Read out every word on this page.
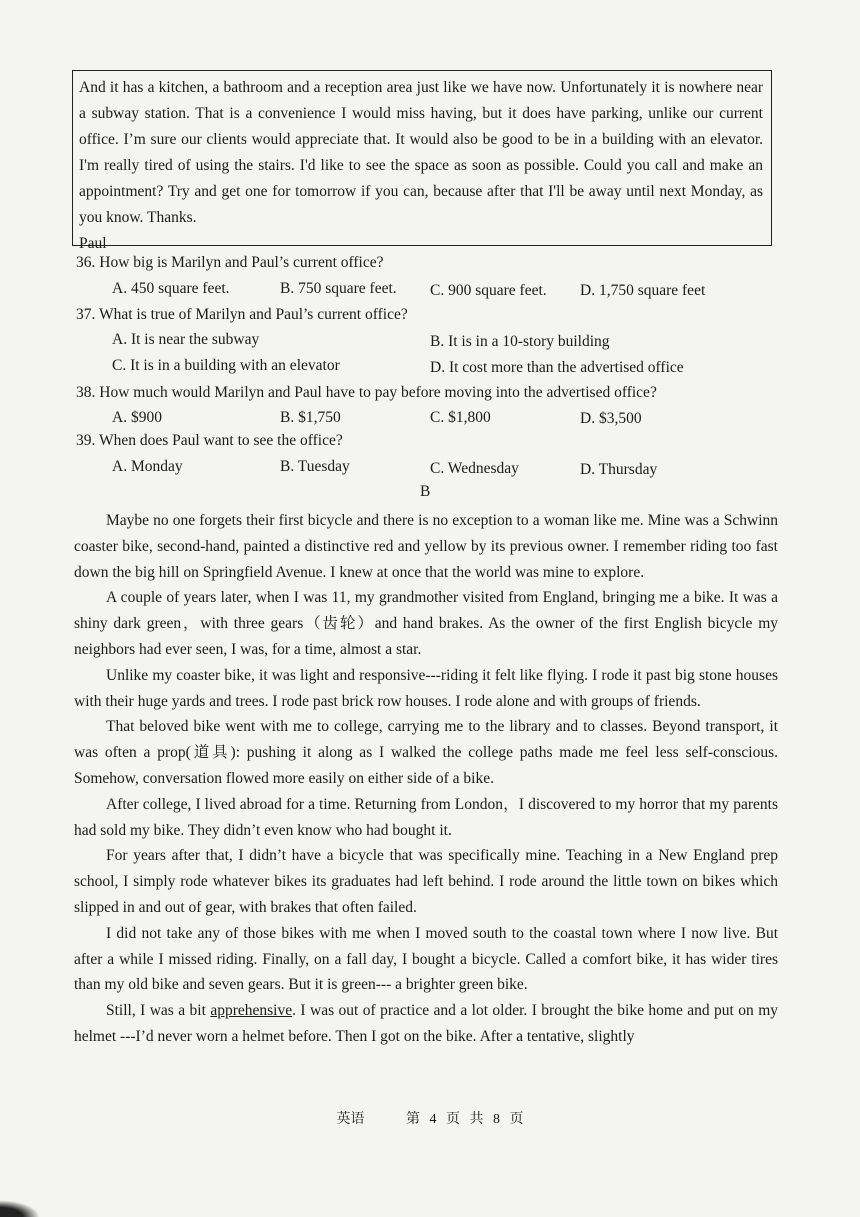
And it has a kitchen, a bathroom and a reception area just like we have now. Unfortunately it is nowhere near a subway station. That is a convenience I would miss having, but it does have parking, unlike our current office. I’m sure our clients would appreciate that. It would also be good to be in a building with an elevator. I'm really tired of using the stairs. I'd like to see the space as soon as possible. Could you call and make an appointment? Try and get one for tomorrow if you can, because after that I'll be away until next Monday, as you know. Thanks.

Paul

36. How big is Marilyn and Paul’s current office?
A. 450 square feet.	B. 750 square feet. C. 900 square feet. D. 1,750 square feet
37. What is true of Marilyn and Paul’s current office?
A. It is near the subway	B. It is in a 10-story building
C. It is in a building with an elevator	D. It cost more than the advertised office
38. How much would Marilyn and Paul have to pay before moving into the advertised office?
A. $900	B. $1,750	C. $1,800	D. $3,500
39. When does Paul want to see the office?
A. Monday	B. Tuesday	C. Wednesday	D. Thursday
B

Maybe no one forgets their first bicycle and there is no exception to a woman like me. Mine was a Schwinn coaster bike, second-hand, painted a distinctive red and yellow by its previous owner. I remember riding too fast down the big hill on Springfield Avenue. I knew at once that the world was mine to explore.

A couple of years later, when I was 11, my grandmother visited from England, bringing me a bike. It was a shiny dark green，with three gears（齿轮）and hand brakes. As the owner of the first English bicycle my neighbors had ever seen, I was, for a time, almost a star.

Unlike my coaster bike, it was light and responsive---riding it felt like flying. I rode it past big stone houses with their huge yards and trees. I rode past brick row houses. I rode alone and with groups of friends.

That beloved bike went with me to college, carrying me to the library and to classes. Beyond transport, it was often a prop(道具): pushing it along as I walked the college paths made me feel less self-conscious. Somehow, conversation flowed more easily on either side of a bike.

After college, I lived abroad for a time. Returning from London，I discovered to my horror that my parents had sold my bike. They didn’t even know who had bought it.

For years after that, I didn’t have a bicycle that was specifically mine. Teaching in a New England prep school, I simply rode whatever bikes its graduates had left behind. I rode around the little town on bikes which slipped in and out of gear, with brakes that often failed.

I did not take any of those bikes with me when I moved south to the coastal town where I now live. But after a while I missed riding. Finally, on a fall day, I bought a bicycle. Called a comfort bike, it has wider tires than my old bike and seven gears. But it is green--- a brighter green bike.

Still, I was a bit apprehensive. I was out of practice and a lot older. I brought the bike home and put on my helmet ---I’d never worn a helmet before. Then I got on the bike. After a tentative, slightly

英语	第 4 页 共 8 页
